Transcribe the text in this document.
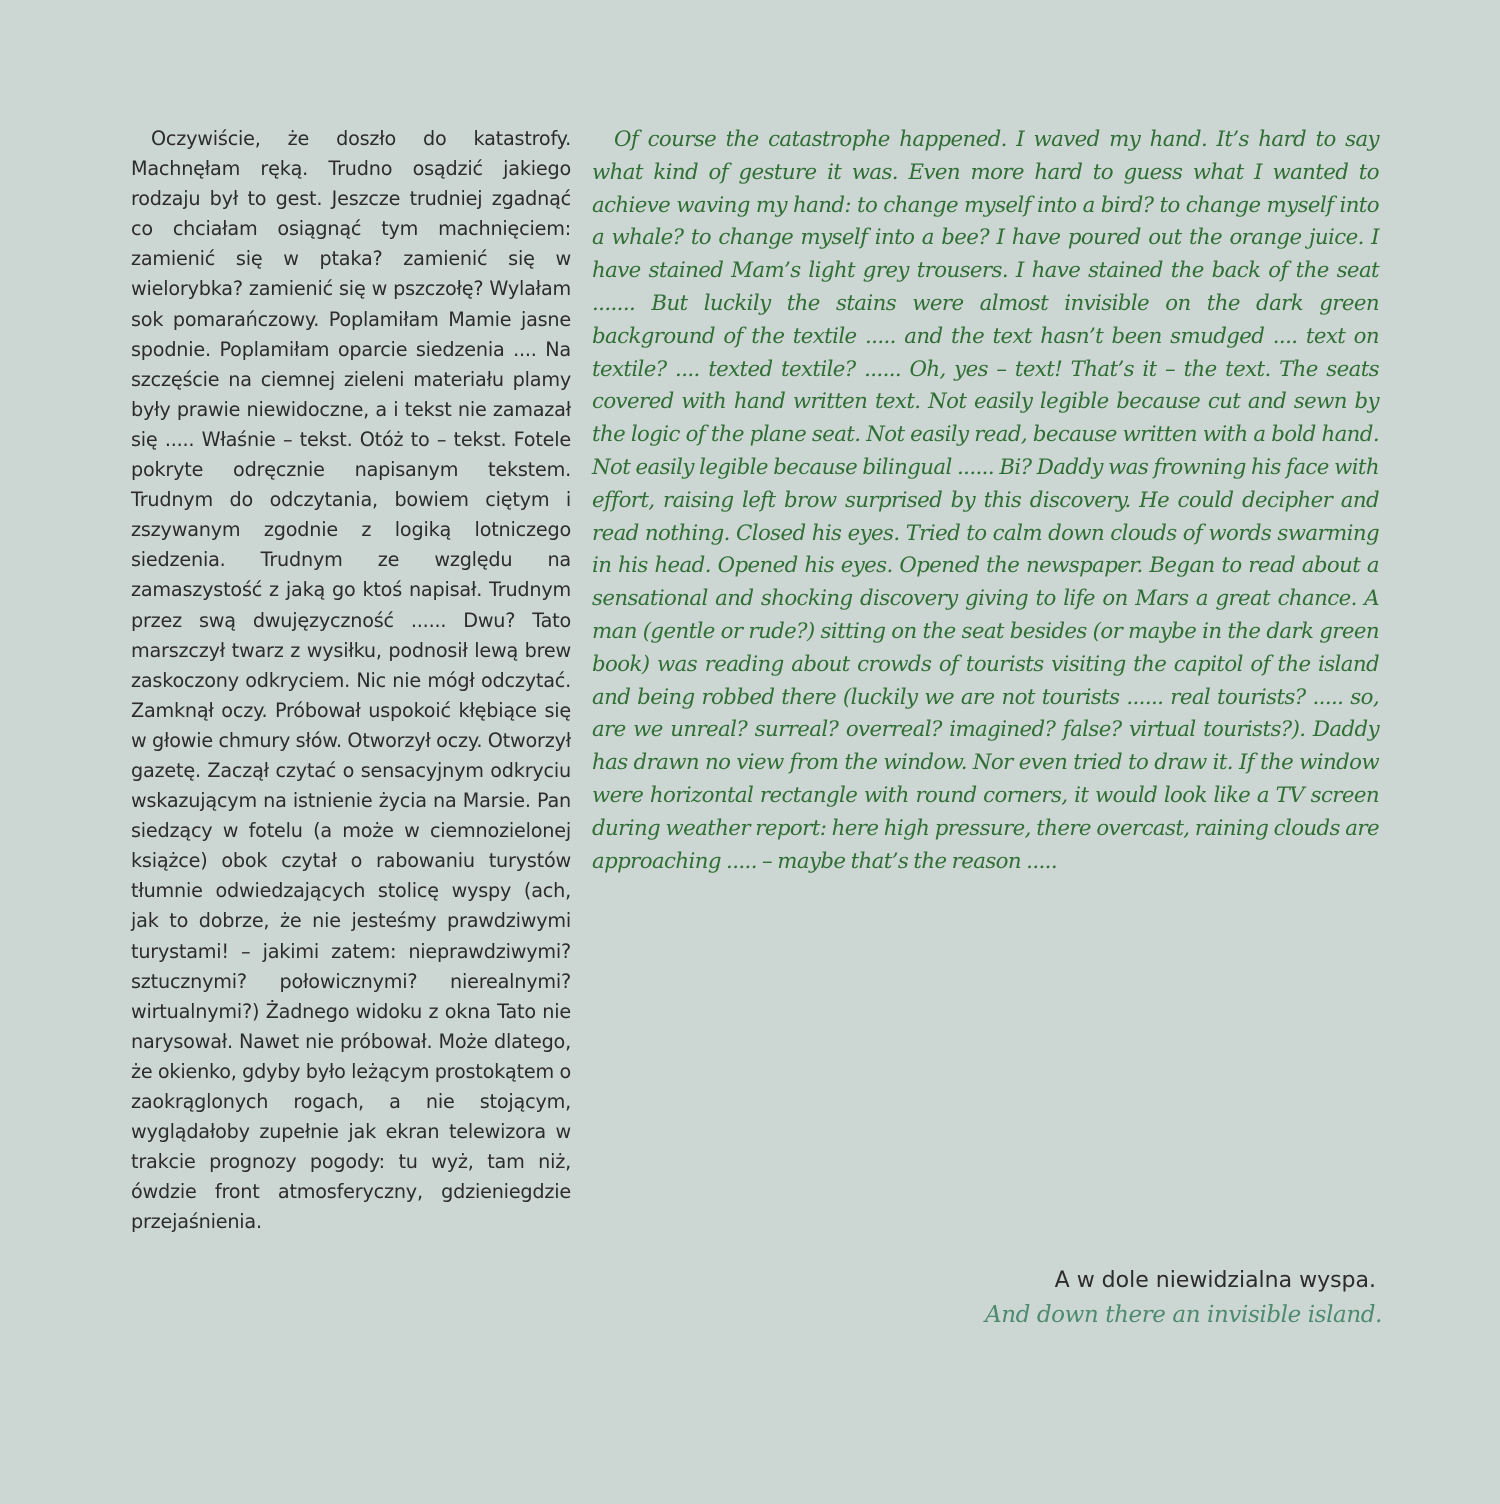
Oczywiście, że doszło do katastrofy. Machnęłam ręką. Trudno osądzić jakiego rodzaju był to gest. Jeszcze trudniej zgadnąć co chciałam osiągnąć tym machnięciem: zamienić się w ptaka? zamienić się w wielorybka? zamienić się w pszczołę? Wylałam sok pomarańczowy. Poplamiłam Mamie jasne spodnie. Poplamiłam oparcie siedzenia .... Na szczęście na ciemnej zieleni materiału plamy były prawie niewidoczne, a i tekst nie zamazał się ..... Właśnie – tekst. Otóż to – tekst. Fotele pokryte odręcznie napisanym tekstem. Trudnym do odczytania, bowiem ciętym i zszywanym zgodnie z logiką lotniczego siedzenia. Trudnym ze względu na zamaszystość z jaką go ktoś napisał. Trudnym przez swą dwujęzyczność ...... Dwu? Tato marszczył twarz z wysiłku, podnosił lewą brew zaskoczony odkryciem. Nic nie mógł odczytać. Zamknął oczy. Próbował uspokoić kłębiące się w głowie chmury słów. Otworzył oczy. Otworzył gazetę. Zaczął czytać o sensacyjnym odkryciu wskazującym na istnienie życia na Marsie. Pan siedzący w fotelu (a może w ciemnozielonej książce) obok czytał o rabowaniu turystów tłumnie odwiedzających stolicę wyspy (ach, jak to dobrze, że nie jesteśmy prawdziwymi turystami! – jakimi zatem: nieprawdziwymi? sztucznymi? połowicznymi? nierealnymi? wirtualnymi?) Żadnego widoku z okna Tato nie narysował. Nawet nie próbował. Może dlatego, że okienko, gdyby było leżącym prostokątem o zaokrąglonych rogach, a nie stojącym, wyglądałoby zupełnie jak ekran telewizora w trakcie prognozy pogody: tu wyż, tam niż, ówdzie front atmosferyczny, gdzieniegdzie przejaśnienia.
Of course the catastrophe happened. I waved my hand. It’s hard to say what kind of gesture it was. Even more hard to guess what I wanted to achieve waving my hand: to change myself into a bird? to change myself into a whale? to change myself into a bee? I have poured out the orange juice. I have stained Mam’s light grey trousers. I have stained the back of the seat ....... But luckily the stains were almost invisible on the dark green background of the textile ..... and the text hasn’t been smudged .... text on textile? .... texted textile? ...... Oh, yes – text! That’s it – the text. The seats covered with hand written text. Not easily legible because cut and sewn by the logic of the plane seat. Not easily read, because written with a bold hand. Not easily legible because bilingual ...... Bi? Daddy was frowning his face with effort, raising left brow surprised by this discovery. He could decipher and read nothing. Closed his eyes. Tried to calm down clouds of words swarming in his head. Opened his eyes. Opened the newspaper. Began to read about a sensational and shocking discovery giving to life on Mars a great chance. A man (gentle or rude?) sitting on the seat besides (or maybe in the dark green book) was reading about crowds of tourists visiting the capitol of the island and being robbed there (luckily we are not tourists ...... real tourists? ..... so, are we unreal? surreal? overreal? imagined? false? virtual tourists?). Daddy has drawn no view from the window. Nor even tried to draw it. If the window were horizontal rectangle with round corners, it would look like a TV screen during weather report: here high pressure, there overcast, raining clouds are approaching ..... – maybe that’s the reason .....
A w dole niewidzialna wyspa.
And down there an invisible island.
